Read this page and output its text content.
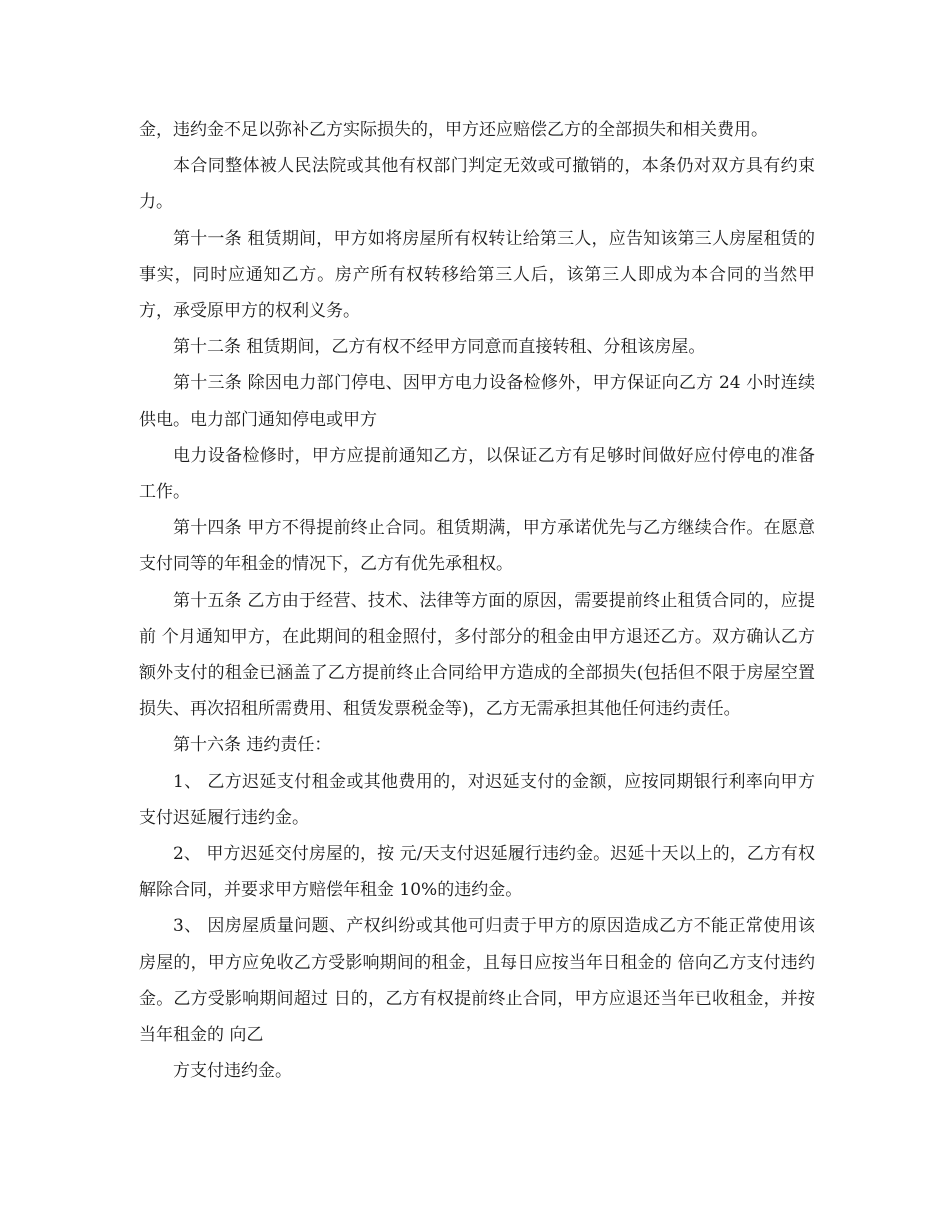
金，违约金不足以弥补乙方实际损失的，甲方还应赔偿乙方的全部损失和相关费用。

本合同整体被人民法院或其他有权部门判定无效或可撤销的，本条仍对双方具有约束力。

第十一条 租赁期间，甲方如将房屋所有权转让给第三人，应告知该第三人房屋租赁的事实，同时应通知乙方。房产所有权转移给第三人后，该第三人即成为本合同的当然甲方，承受原甲方的权利义务。

第十二条 租赁期间，乙方有权不经甲方同意而直接转租、分租该房屋。

第十三条 除因电力部门停电、因甲方电力设备检修外，甲方保证向乙方 24 小时连续供电。电力部门通知停电或甲方

电力设备检修时，甲方应提前通知乙方，以保证乙方有足够时间做好应付停电的准备工作。

第十四条 甲方不得提前终止合同。租赁期满，甲方承诺优先与乙方继续合作。在愿意支付同等的年租金的情况下，乙方有优先承租权。

第十五条 乙方由于经营、技术、法律等方面的原因，需要提前终止租赁合同的，应提前 个月通知甲方，在此期间的租金照付，多付部分的租金由甲方退还乙方。双方确认乙方额外支付的租金已涵盖了乙方提前终止合同给甲方造成的全部损失(包括但不限于房屋空置损失、再次招租所需费用、租赁发票税金等)，乙方无需承担其他任何违约责任。

第十六条 违约责任：

1、 乙方迟延支付租金或其他费用的，对迟延支付的金额，应按同期银行利率向甲方支付迟延履行违约金。

2、 甲方迟延交付房屋的，按 元/天支付迟延履行违约金。迟延十天以上的，乙方有权解除合同，并要求甲方赔偿年租金 10%的违约金。

3、 因房屋质量问题、产权纠纷或其他可归责于甲方的原因造成乙方不能正常使用该房屋的，甲方应免收乙方受影响期间的租金，且每日应按当年日租金的 倍向乙方支付违约金。乙方受影响期间超过 日的，乙方有权提前终止合同，甲方应退还当年已收租金，并按当年租金的 向乙

方支付违约金。
